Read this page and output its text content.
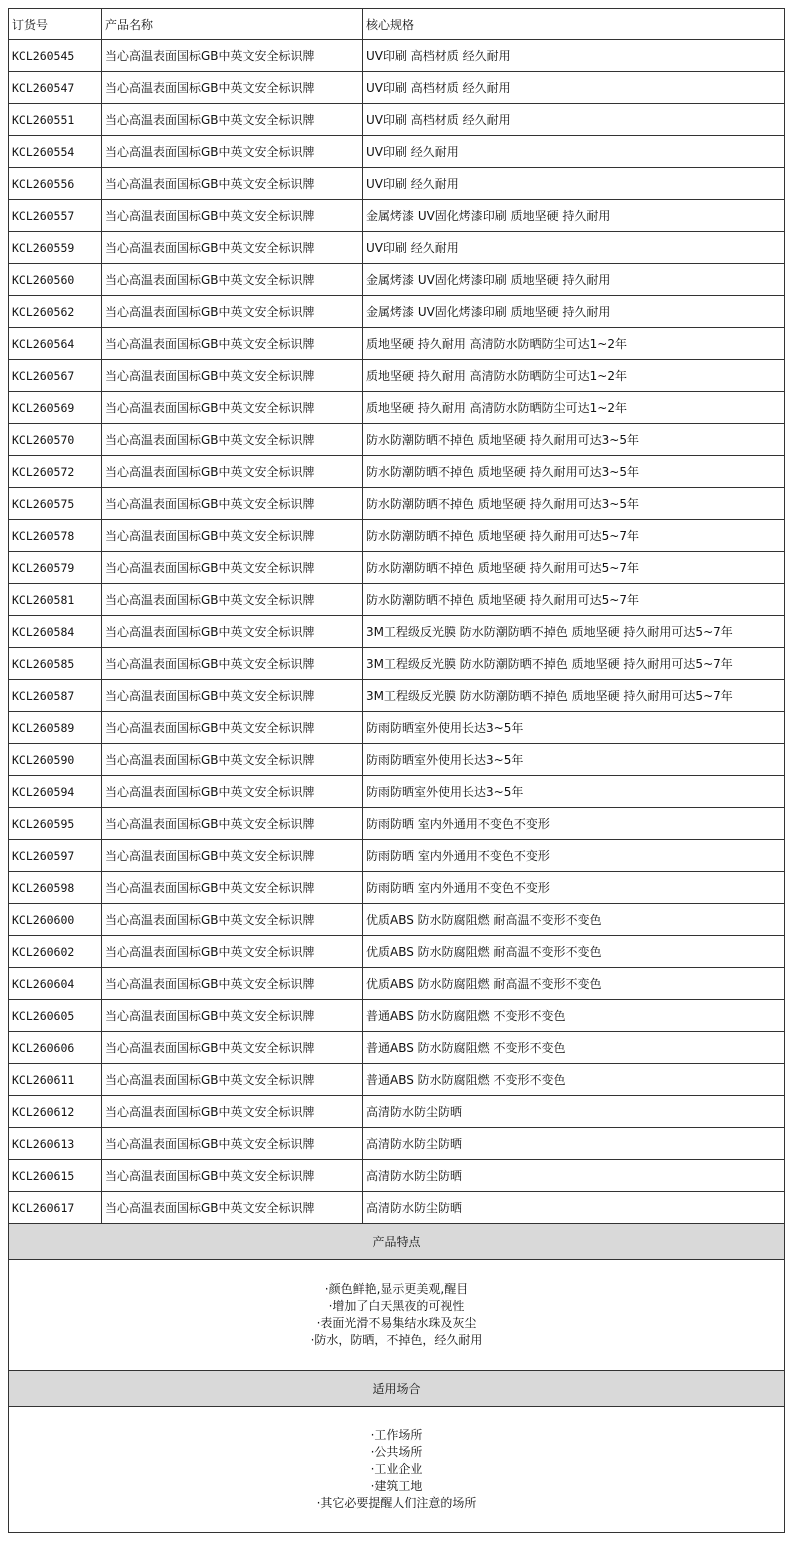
订货号	产品名称	核心规格
KCL260545	当心高温表面国标GB中英文安全标识牌	UV印刷 高档材质 经久耐用
KCL260547	当心高温表面国标GB中英文安全标识牌	UV印刷 高档材质 经久耐用
KCL260551	当心高温表面国标GB中英文安全标识牌	UV印刷 高档材质 经久耐用
KCL260554	当心高温表面国标GB中英文安全标识牌	UV印刷 经久耐用
KCL260556	当心高温表面国标GB中英文安全标识牌	UV印刷 经久耐用
KCL260557	当心高温表面国标GB中英文安全标识牌	金属烤漆 UV固化烤漆印刷 质地坚硬 持久耐用
KCL260559	当心高温表面国标GB中英文安全标识牌	UV印刷 经久耐用
KCL260560	当心高温表面国标GB中英文安全标识牌	金属烤漆 UV固化烤漆印刷 质地坚硬 持久耐用
KCL260562	当心高温表面国标GB中英文安全标识牌	金属烤漆 UV固化烤漆印刷 质地坚硬 持久耐用
KCL260564	当心高温表面国标GB中英文安全标识牌	质地坚硬 持久耐用 高清防水防晒防尘可达1~2年
KCL260567	当心高温表面国标GB中英文安全标识牌	质地坚硬 持久耐用 高清防水防晒防尘可达1~2年
KCL260569	当心高温表面国标GB中英文安全标识牌	质地坚硬 持久耐用 高清防水防晒防尘可达1~2年
KCL260570	当心高温表面国标GB中英文安全标识牌	防水防潮防晒不掉色 质地坚硬 持久耐用可达3~5年
KCL260572	当心高温表面国标GB中英文安全标识牌	防水防潮防晒不掉色 质地坚硬 持久耐用可达3~5年
KCL260575	当心高温表面国标GB中英文安全标识牌	防水防潮防晒不掉色 质地坚硬 持久耐用可达3~5年
KCL260578	当心高温表面国标GB中英文安全标识牌	防水防潮防晒不掉色 质地坚硬 持久耐用可达5~7年
KCL260579	当心高温表面国标GB中英文安全标识牌	防水防潮防晒不掉色 质地坚硬 持久耐用可达5~7年
KCL260581	当心高温表面国标GB中英文安全标识牌	防水防潮防晒不掉色 质地坚硬 持久耐用可达5~7年
KCL260584	当心高温表面国标GB中英文安全标识牌	3M工程级反光膜 防水防潮防晒不掉色 质地坚硬 持久耐用可达5~7年
KCL260585	当心高温表面国标GB中英文安全标识牌	3M工程级反光膜 防水防潮防晒不掉色 质地坚硬 持久耐用可达5~7年
KCL260587	当心高温表面国标GB中英文安全标识牌	3M工程级反光膜 防水防潮防晒不掉色 质地坚硬 持久耐用可达5~7年
KCL260589	当心高温表面国标GB中英文安全标识牌	防雨防晒室外使用长达3~5年
KCL260590	当心高温表面国标GB中英文安全标识牌	防雨防晒室外使用长达3~5年
KCL260594	当心高温表面国标GB中英文安全标识牌	防雨防晒室外使用长达3~5年
KCL260595	当心高温表面国标GB中英文安全标识牌	防雨防晒 室内外通用不变色不变形
KCL260597	当心高温表面国标GB中英文安全标识牌	防雨防晒 室内外通用不变色不变形
KCL260598	当心高温表面国标GB中英文安全标识牌	防雨防晒 室内外通用不变色不变形
KCL260600	当心高温表面国标GB中英文安全标识牌	优质ABS 防水防腐阻燃 耐高温不变形不变色
KCL260602	当心高温表面国标GB中英文安全标识牌	优质ABS 防水防腐阻燃 耐高温不变形不变色
KCL260604	当心高温表面国标GB中英文安全标识牌	优质ABS 防水防腐阻燃 耐高温不变形不变色
KCL260605	当心高温表面国标GB中英文安全标识牌	普通ABS 防水防腐阻燃 不变形不变色
KCL260606	当心高温表面国标GB中英文安全标识牌	普通ABS 防水防腐阻燃 不变形不变色
KCL260611	当心高温表面国标GB中英文安全标识牌	普通ABS 防水防腐阻燃 不变形不变色
KCL260612	当心高温表面国标GB中英文安全标识牌	高清防水防尘防晒
KCL260613	当心高温表面国标GB中英文安全标识牌	高清防水防尘防晒
KCL260615	当心高温表面国标GB中英文安全标识牌	高清防水防尘防晒
KCL260617	当心高温表面国标GB中英文安全标识牌	高清防水防尘防晒
产品特点		

·颜色鲜艳,显示更美观,醒目
·增加了白天黑夜的可视性
·表面光滑不易集结水珠及灰尘
·防水，防晒，不掉色，经久耐用		

适用场合		

·工作场所
·公共场所
·工业企业
·建筑工地
·其它必要提醒人们注意的场所		
